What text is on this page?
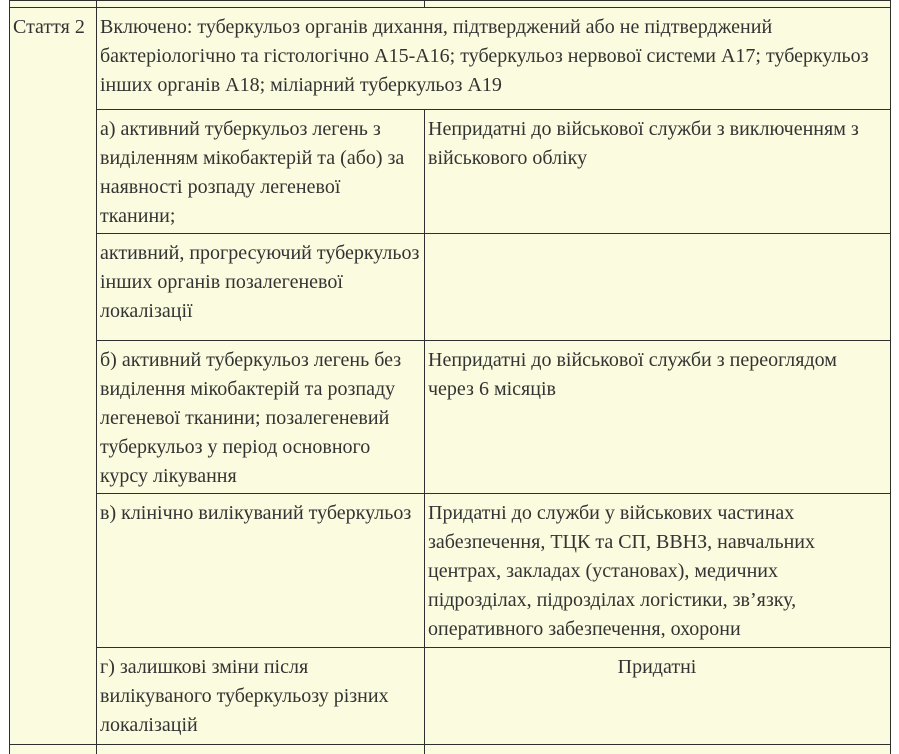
Стаття 2	Включено: туберкульоз органів дихання, підтверджений або не підтверджений бактеріологічно та гістологічно А15-А16; туберкульоз нервової системи А17; туберкульоз інших органів А18; міліарний туберкульоз А19	
	а) активний туберкульоз легень з виділенням мікобактерій та (або) за наявності розпаду легеневої тканини;	Непридатні до військової служби з виключенням з військового обліку
	активний, прогресуючий туберкульоз інших органів позалегеневої локалізації	
	б) активний туберкульоз легень без виділення мікобактерій та розпаду легеневої тканини; позалегеневий туберкульоз у період основного курсу лікування	Непридатні до військової служби з переоглядом через 6 місяців
	в) клінічно вилікуваний туберкульоз	Придатні до служби у військових частинах забезпечення, ТЦК та СП, ВВНЗ, навчальних центрах, закладах (установах), медичних підрозділах, підрозділах логістики, зв’язку, оперативного забезпечення, охорони
	г) залишкові зміни після вилікуваного туберкульозу різних локалізацій	Придатні
